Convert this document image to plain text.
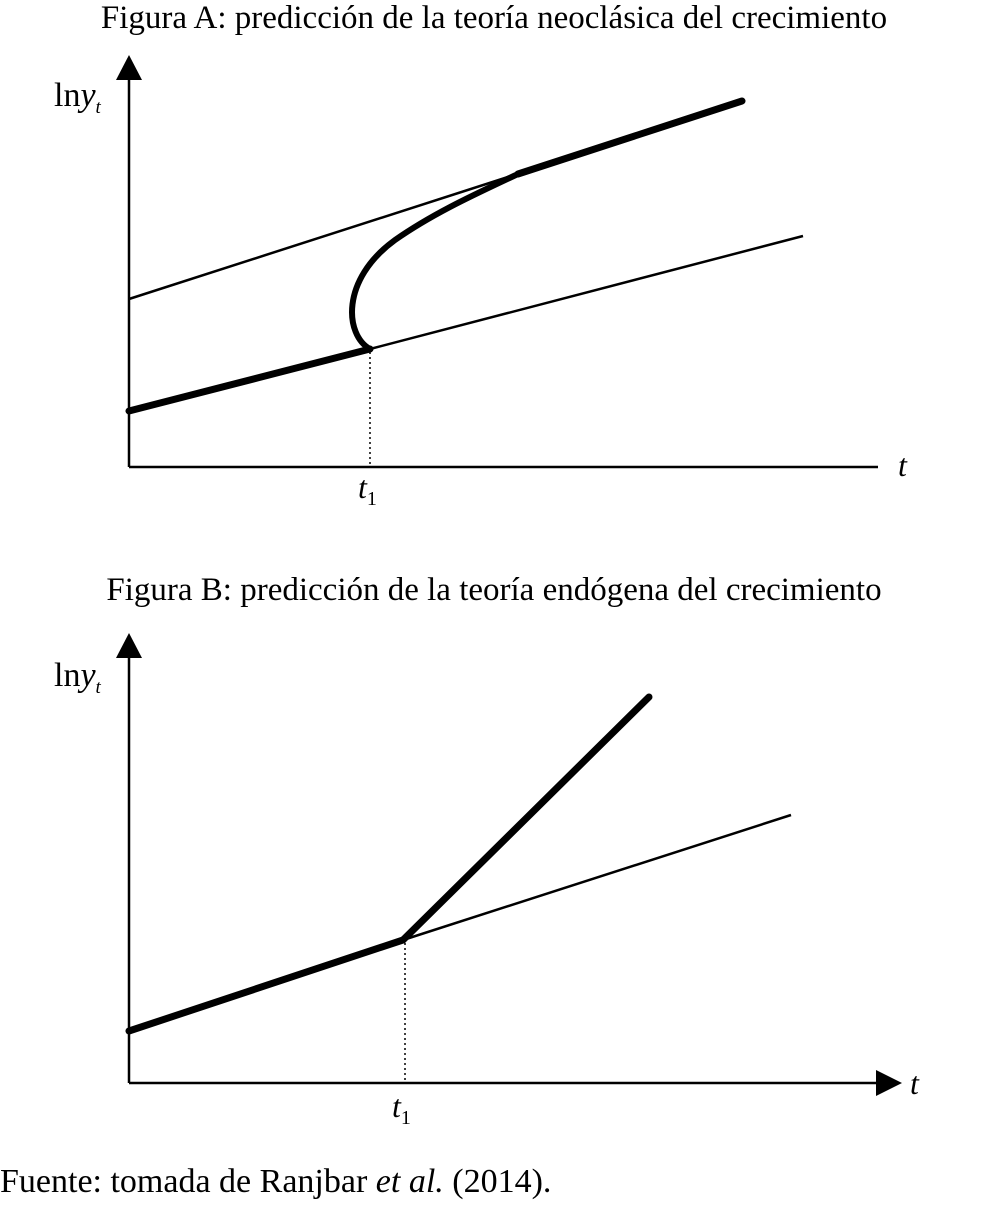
Figura A: predicción de la teoría neoclásica del crecimiento
lny$_t$
t
$t_1$
Figura B: predicción de la teoría endógena del crecimiento
lny$_t$
t
$t_1$
Fuente: tomada de Ranjbar et al. (2014).
